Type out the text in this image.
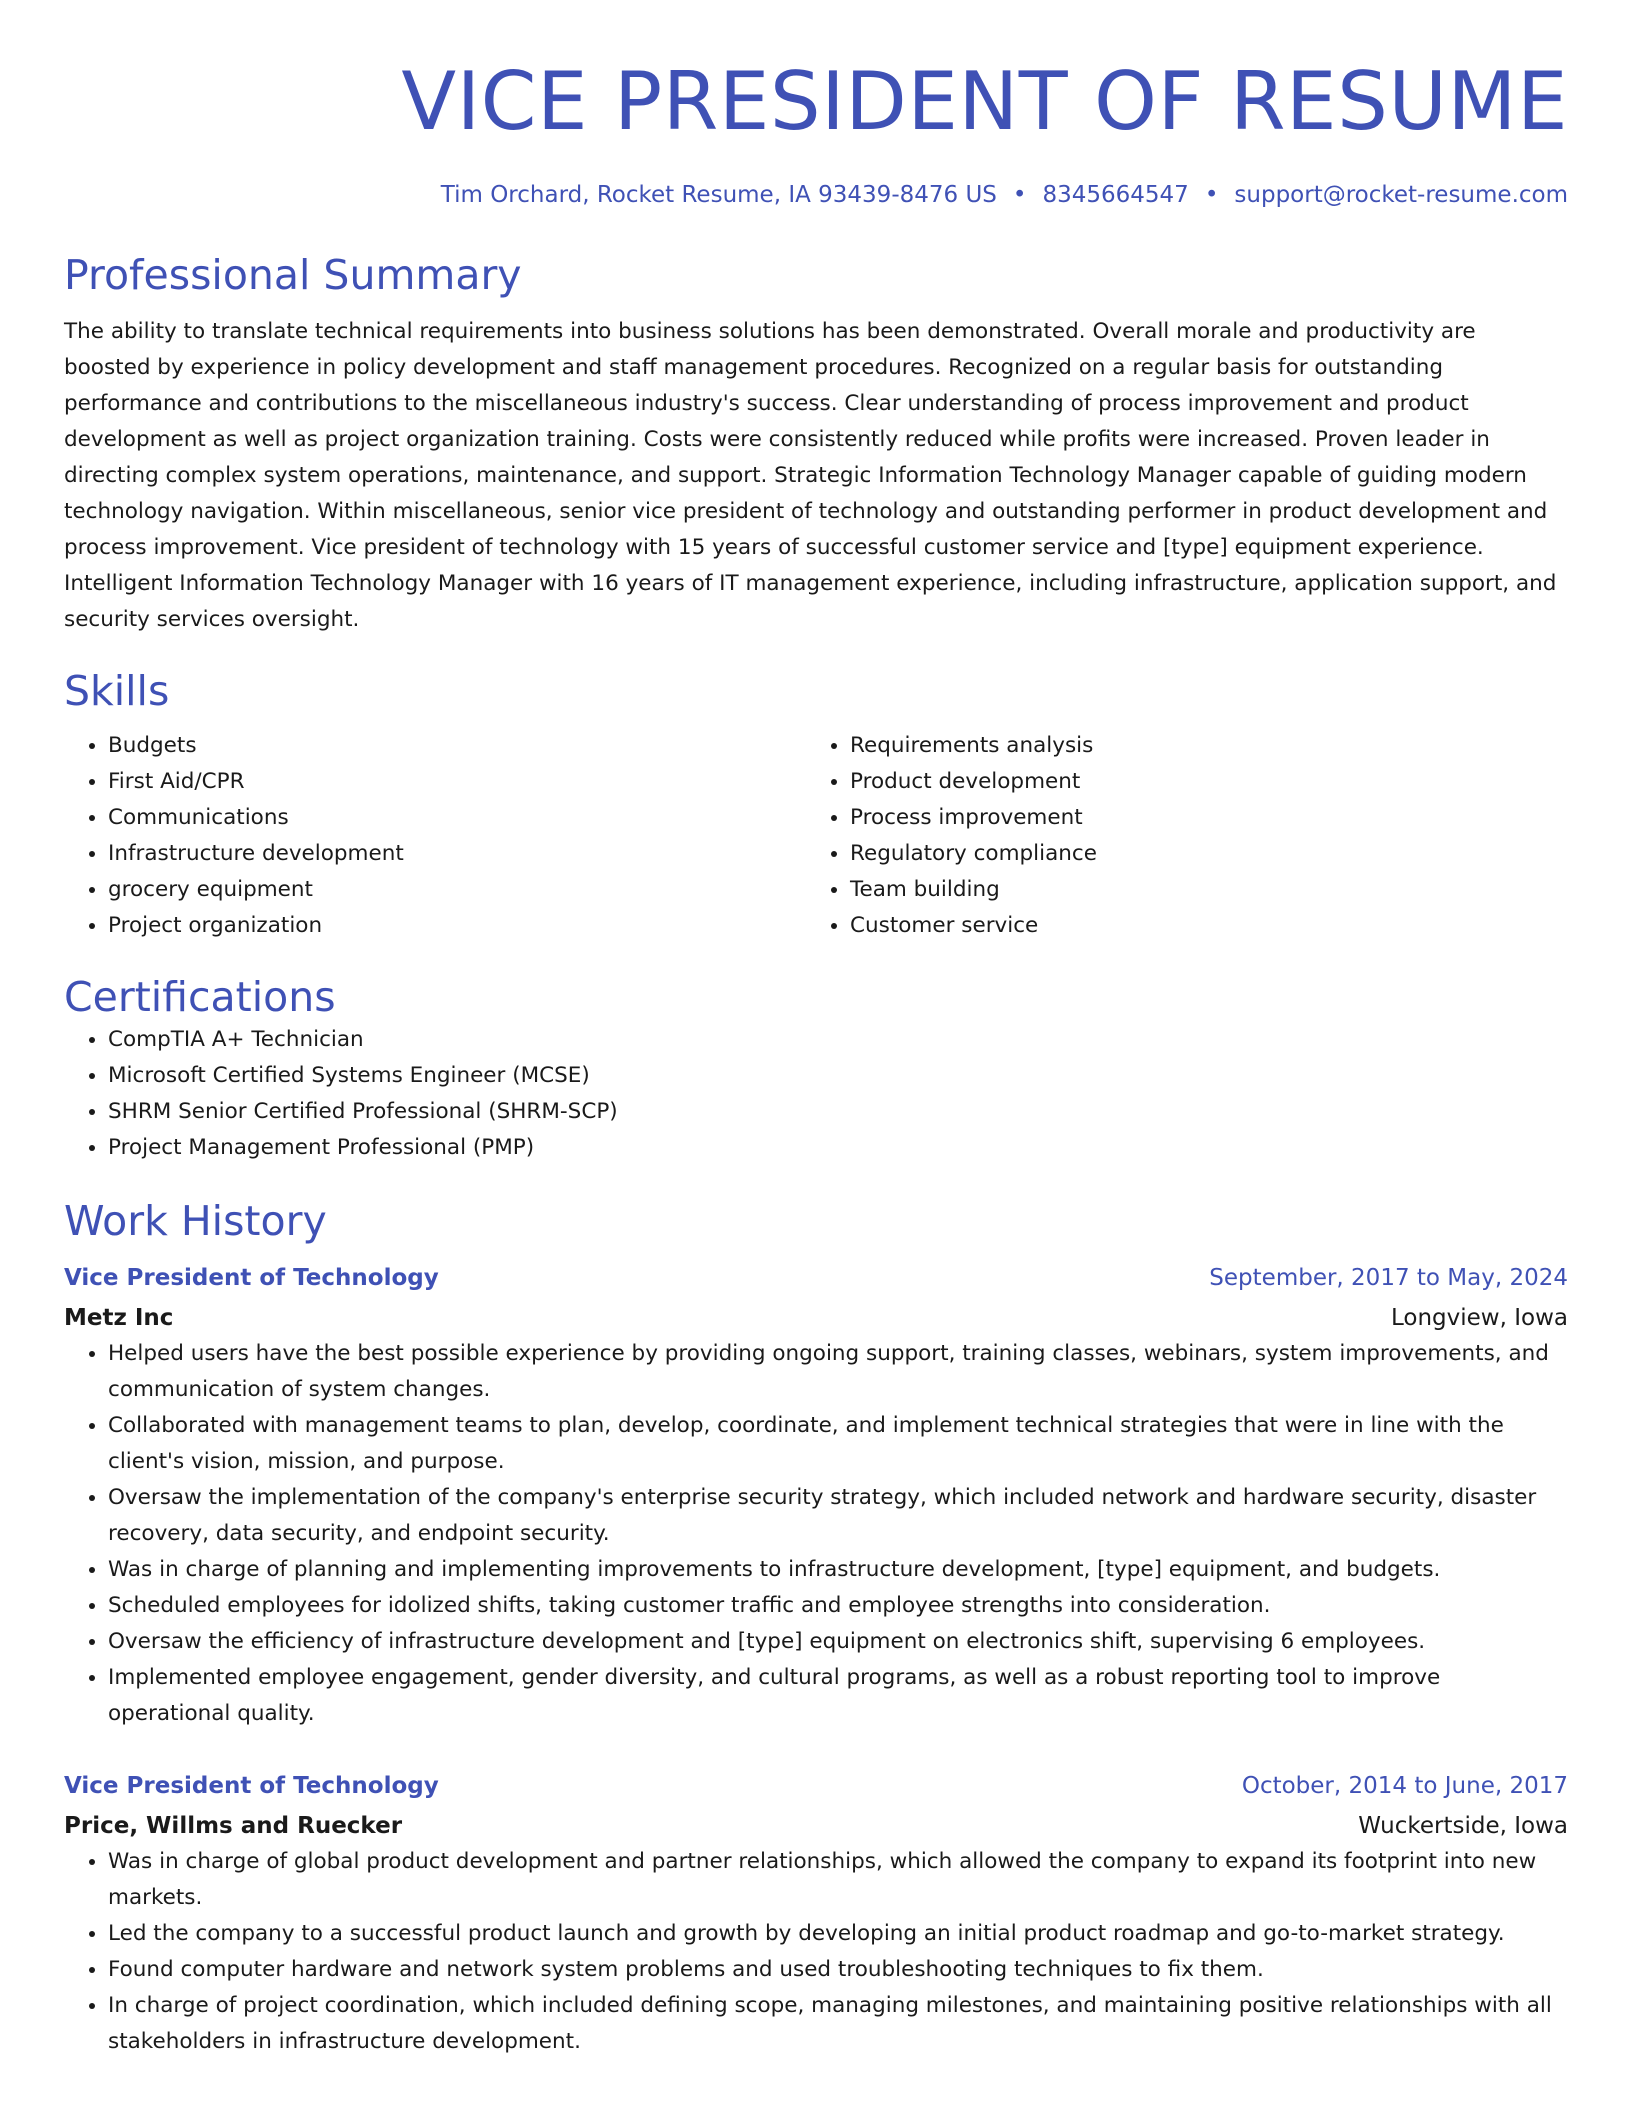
VICE PRESIDENT OF RESUME
Tim Orchard, Rocket Resume, IA 93439-8476 US • 8345664547 • support@rocket-resume.com
Professional Summary
The ability to translate technical requirements into business solutions has been demonstrated. Overall morale and productivity are boosted by experience in policy development and staff management procedures. Recognized on a regular basis for outstanding performance and contributions to the miscellaneous industry's success. Clear understanding of process improvement and product development as well as project organization training. Costs were consistently reduced while profits were increased. Proven leader in directing complex system operations, maintenance, and support. Strategic Information Technology Manager capable of guiding modern technology navigation. Within miscellaneous, senior vice president of technology and outstanding performer in product development and process improvement. Vice president of technology with 15 years of successful customer service and [type] equipment experience. Intelligent Information Technology Manager with 16 years of IT management experience, including infrastructure, application support, and security services oversight.
Skills
• Budgets
• First Aid/CPR
• Communications
• Infrastructure development
• grocery equipment
• Project organization
• Requirements analysis
• Product development
• Process improvement
• Regulatory compliance
• Team building
• Customer service
Certifications
• CompTIA A+ Technician
• Microsoft Certified Systems Engineer (MCSE)
• SHRM Senior Certified Professional (SHRM-SCP)
• Project Management Professional (PMP)
Work History
Vice President of Technology	September, 2017 to May, 2024
Metz Inc	Longview, Iowa
• Helped users have the best possible experience by providing ongoing support, training classes, webinars, system improvements, and communication of system changes.
• Collaborated with management teams to plan, develop, coordinate, and implement technical strategies that were in line with the client's vision, mission, and purpose.
• Oversaw the implementation of the company's enterprise security strategy, which included network and hardware security, disaster recovery, data security, and endpoint security.
• Was in charge of planning and implementing improvements to infrastructure development, [type] equipment, and budgets.
• Scheduled employees for idolized shifts, taking customer traffic and employee strengths into consideration.
• Oversaw the efficiency of infrastructure development and [type] equipment on electronics shift, supervising 6 employees.
• Implemented employee engagement, gender diversity, and cultural programs, as well as a robust reporting tool to improve operational quality.
Vice President of Technology	October, 2014 to June, 2017
Price, Willms and Ruecker	Wuckertside, Iowa
• Was in charge of global product development and partner relationships, which allowed the company to expand its footprint into new markets.
• Led the company to a successful product launch and growth by developing an initial product roadmap and go-to-market strategy.
• Found computer hardware and network system problems and used troubleshooting techniques to fix them.
• In charge of project coordination, which included defining scope, managing milestones, and maintaining positive relationships with all stakeholders in infrastructure development.
